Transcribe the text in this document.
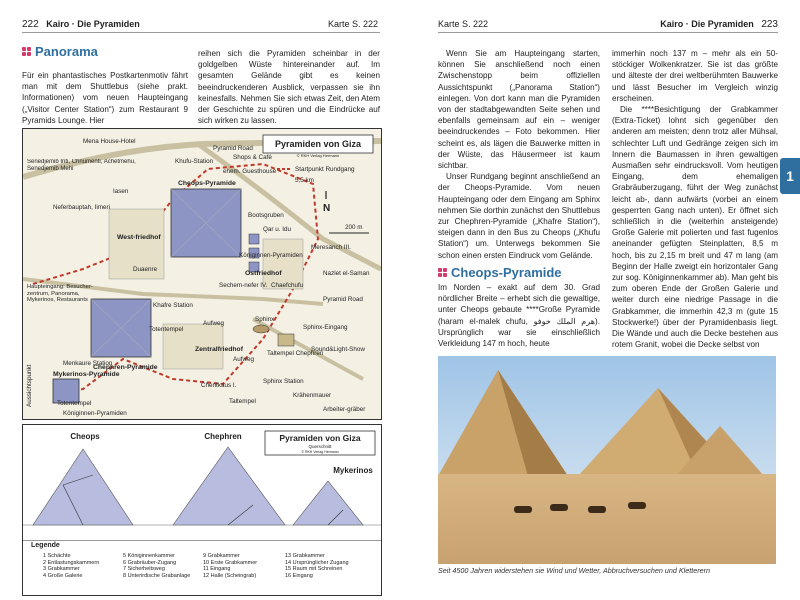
222 Kairo · Die Pyramiden	Karte S. 222
Panorama

Für ein phantastisches Postkartenmotiv fährt man mit dem Shuttlebus (siehe prakt. Informationen) vom neuen Haupteingang („Visitor Center Station“) zum Restaurant 9 Pyramids Lounge. Hier

reihen sich die Pyramiden scheinbar in der goldgelben Wüste hintereinander auf. Im gesamten Gelände gibt es keinen beeindruckenderen Ausblick, verpassen sie ihn keinesfalls. Nehmen Sie sich etwas Zeit, den Atem der Geschichte zu spüren und die Eindrücke auf sich wirken zu lassen.

Pyramiden von Giza
© RKH Verlag Hermann
Startpunkt Rundgang
5,5 km
N
200 m
Mena House-Hotel
Pyramid Road
Khufu-Station
Shops & Café
ehem. Guesthouse
Senedjemib Inti, Chnumenti, Achetmehu, Senedjemib Mehi
Iasen
Neferbauptah, Iimeri
Cheops-Pyramide
Bootsgruben
Qar u. Idu
Meresanch III.
West-friedhof
Königinnen-Pyramiden
Ostfriedhof
Duaenre
Sechem-nefer IV. Chaefchufu
Nazlet el-Saman
Haupteingang: Besucher-zentrum, Panorama, Mykerinos, Restaurants
Khafre Station
Pyramid Road
Aufweg
Chephren-Pyramide
Totentempel
Sphinx
Sphinx-Eingang
Zentralfriedhof
Aufweg
Taltempel Chephren
Sound&Light-Show
Menkaure Station
Mykerinos-Pyramide
Chentkaus I.
Sphinx Station
Totentempel
Krähenmauer
Königinnen-Pyramiden
Taltempel
Arbeiter-gräber
Aussichtspunkt
Cheops	Chephren
Mykerinos
Pyramiden von Giza
Querschnitt
© RKH Verlag Hermann
Legende
1 Schächte
2 Entlastungskammern
3 Grabkammer
4 Große Galerie
5 Königinnenkammer
6 Grabräuber-Zugang
7 Sicherheitsweg
8 Unterirdische Grabanlage
9 Grabkammer
10 Erste Grabkammer
11 Eingang
12 Halle (Scheingrab)
13 Grabkammer
14 Ursprünglicher Zugang
15 Raum mit Schreinen
16 Eingang
Karte S. 222	Kairo · Die Pyramiden 223
1

Wenn Sie am Haupteingang starten, können Sie anschließend noch einen Zwischenstopp beim offiziellen Aussichtspunkt („Panorama Station“) einlegen. Von dort kann man die Pyramiden von der stadtabgewandten Seite sehen und ebenfalls gemeinsam auf ein – weniger beeindruckendes – Foto bekommen. Hier scheint es, als lägen die Bauwerke mitten in der Wüste, das Häusermeer ist kaum sichtbar.

Unser Rundgang beginnt anschließend an der Cheops-Pyramide. Vom neuen Haupteingang oder dem Eingang am Sphinx nehmen Sie dorthin zunächst den Shuttlebus zur Chephren-Pyramide („Khafre Station“), steigen dann in den Bus zu Cheops („Khufu Station“) um. Unterwegs bekommen Sie schon einen ersten Eindruck vom Gelände.

Cheops-Pyramide

Im Norden – exakt auf dem 30. Grad nördlicher Breite – erhebt sich die gewaltige, unter Cheops gebaute ****Große Pyramide (haram el-malek chufu, هرم الملك خوفو). Ursprünglich war sie einschließlich Verkleidung 147 m hoch, heute

immerhin noch 137 m – mehr als ein 50-stöckiger Wolkenkratzer. Sie ist das größte und älteste der drei weltberühmten Bauwerke und lässt Besucher im Vergleich winzig erscheinen.

Die ****Besichtigung der Grabkammer (Extra-Ticket) lohnt sich gegenüber den anderen am meisten; denn trotz aller Mühsal, schlechter Luft und Gedränge zeigen sich im Innern die Baumassen in ihren gewaltigen Ausmaßen sehr eindrucksvoll. Vom heutigen Eingang, dem ehemaligen Grabräuberzugang, führt der Weg zunächst leicht ab-, dann aufwärts (vorbei an einem gesperrten Gang nach unten). Er öffnet sich schließlich in die (weiterhin ansteigende) Große Galerie mit polierten und fast fugenlos aneinander gefügten Steinplatten, 8,5 m hoch, bis zu 2,15 m breit und 47 m lang (am Beginn der Halle zweigt ein horizontaler Gang zur sog. Königinnenkammer ab). Man geht bis zum oberen Ende der Großen Galerie und weiter durch eine niedrige Passage in die Grabkammer, die immerhin 42,3 m (gute 15 Stockwerke!) über der Pyramidenbasis liegt. Die Wände und auch die Decke bestehen aus rotem Granit, wobei die Decke selbst von

Seit 4500 Jahren widerstehen sie Wind und Wetter, Abbruchversuchen und Kletterern
